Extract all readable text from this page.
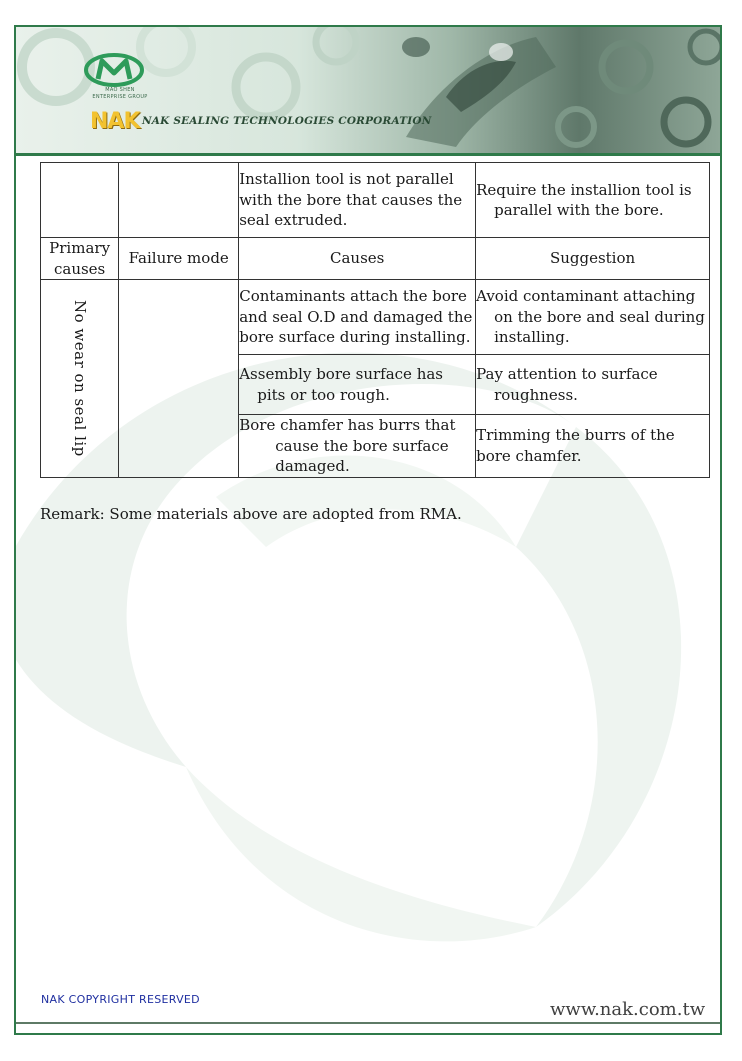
MAO SHEN
ENTERPRISE GROUP
NAK NAK SEALING TECHNOLOGIES CORPORATION
		Installion tool is not parallel with the bore that causes the seal extruded.	Require the installion tool is parallel with the bore.
Primary causes	Failure mode	Causes	Suggestion

No wear on seal lip		Contaminants attach the bore and seal O.D and damaged the bore surface during installing.	Avoid contaminant attaching on the bore and seal during installing.
		Assembly bore surface has pits or too rough.	Pay attention to surface roughness.
		Bore chamfer has burrs that cause the bore surface damaged.	Trimming the burrs of the bore chamfer.
Remark: Some materials above are adopted from RMA.
NAK COPYRIGHT RESERVED	www.nak.com.tw
